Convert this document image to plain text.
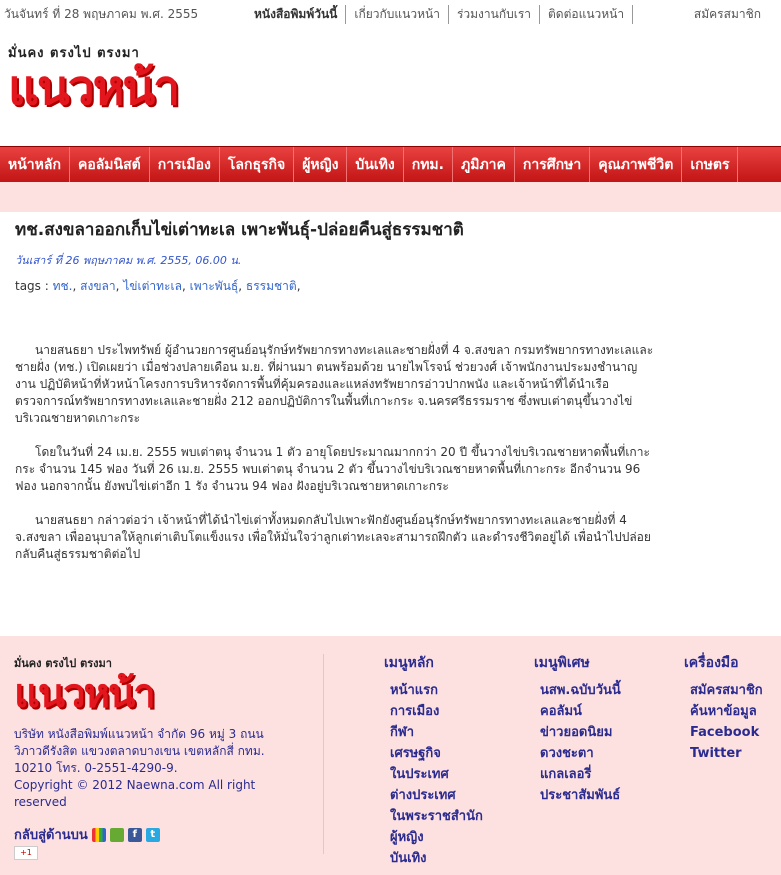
วันจันทร์ ที่ 28 พฤษภาคม พ.ศ. 2555	หนังสือพิมพ์วันนี้	เกี่ยวกับแนวหน้า	ร่วมงานกับเรา	ติดต่อแนวหน้า	สมัครสมาชิก
มั่นคง ตรงไป ตรงมา
แนวหน้า
หน้าหลัก	คอลัมนิสต์	การเมือง	โลกธุรกิจ	ผู้หญิง	บันเทิง	กทม.	ภูมิภาค	การศึกษา	คุณภาพชีวิต	เกษตร
ทช.สงขลาออกเก็บไข่เต่าทะเล เพาะพันธุ์-ปล่อยคืนสู่ธรรมชาติ
วันเสาร์ ที่ 26 พฤษภาคม พ.ศ. 2555, 06.00 น.
tags : ทช., สงขลา, ไข่เต่าทะเล, เพาะพันธุ์, ธรรมชาติ,

นายสนธยา ประไพทรัพย์ ผู้อำนวยการศูนย์อนุรักษ์ทรัพยากรทางทะเลและชายฝั่งที่ 4 จ.สงขลา กรมทรัพยากรทางทะเลและชายฝั่ง (ทช.) เปิดเผยว่า เมื่อช่วงปลายเดือน ม.ย. ที่ผ่านมา ตนพร้อมด้วย นายไพโรจน์ ช่วยวงศ์ เจ้าพนักงานประมงชำนาญงาน ปฏิบัติหน้าที่หัวหน้าโครงการบริหารจัดการพื้นที่คุ้มครองและแหล่งทรัพยากรอ่าวปากพนัง และเจ้าหน้าที่ได้นำเรือตรวจการณ์ทรัพยากรทางทะเลและชายฝั่ง 212 ออกปฏิบัติการในพื้นที่เกาะกระ จ.นครศรีธรรมราช ซึ่งพบเต่าตนุขึ้นวางไข่บริเวณชายหาดเกาะกระ

โดยในวันที่ 24 เม.ย. 2555 พบเต่าตนุ จำนวน 1 ตัว อายุโดยประมาณมากกว่า 20 ปี ขึ้นวางไข่บริเวณชายหาดพื้นที่เกาะกระ จำนวน 145 ฟอง วันที่ 26 เม.ย. 2555 พบเต่าตนุ จำนวน 2 ตัว ขึ้นวางไข่บริเวณชายหาดพื้นที่เกาะกระ อีกจำนวน 96 ฟอง นอกจากนั้น ยังพบไข่เต่าอีก 1 รัง จำนวน 94 ฟอง ฝังอยู่บริเวณชายหาดเกาะกระ

นายสนธยา กล่าวต่อว่า เจ้าหน้าที่ได้นำไข่เต่าทั้งหมดกลับไปเพาะฟักยังศูนย์อนุรักษ์ทรัพยากรทางทะเลและชายฝั่งที่ 4 จ.สงขลา เพื่ออนุบาลให้ลูกเต่าเติบโตแข็งแรง เพื่อให้มั่นใจว่าลูกเต่าทะเลจะสามารถฝึกตัว และดำรงชีวิตอยู่ได้ เพื่อนำไปปล่อยกลับคืนสู่ธรรมชาติต่อไป

มั่นคง ตรงไป ตรงมา
แนวหน้า
บริษัท หนังสือพิมพ์แนวหน้า จำกัด 96 หมู่ 3 ถนนวิภาวดีรังสิต แขวงตลาดบางเขน เขตหลักสี่ กทม. 10210 โทร. 0-2551-4290-9.
Copyright © 2012 Naewna.com All right reserved
กลับสู่ด้านบน	f	t
+1
เมนูหลัก
หน้าแรก
การเมือง
กีฬา
เศรษฐกิจ
ในประเทศ
ต่างประเทศ
ในพระราชสำนัก
ผู้หญิง
บันเทิง
เมนูพิเศษ
นสพ.ฉบับวันนี้
คอลัมน์
ข่าวยอดนิยม
ดวงชะตา
แกลเลอรี่
ประชาสัมพันธ์
เครื่องมือ
สมัครสมาชิก
ค้นหาข้อมูล
Facebook
Twitter
